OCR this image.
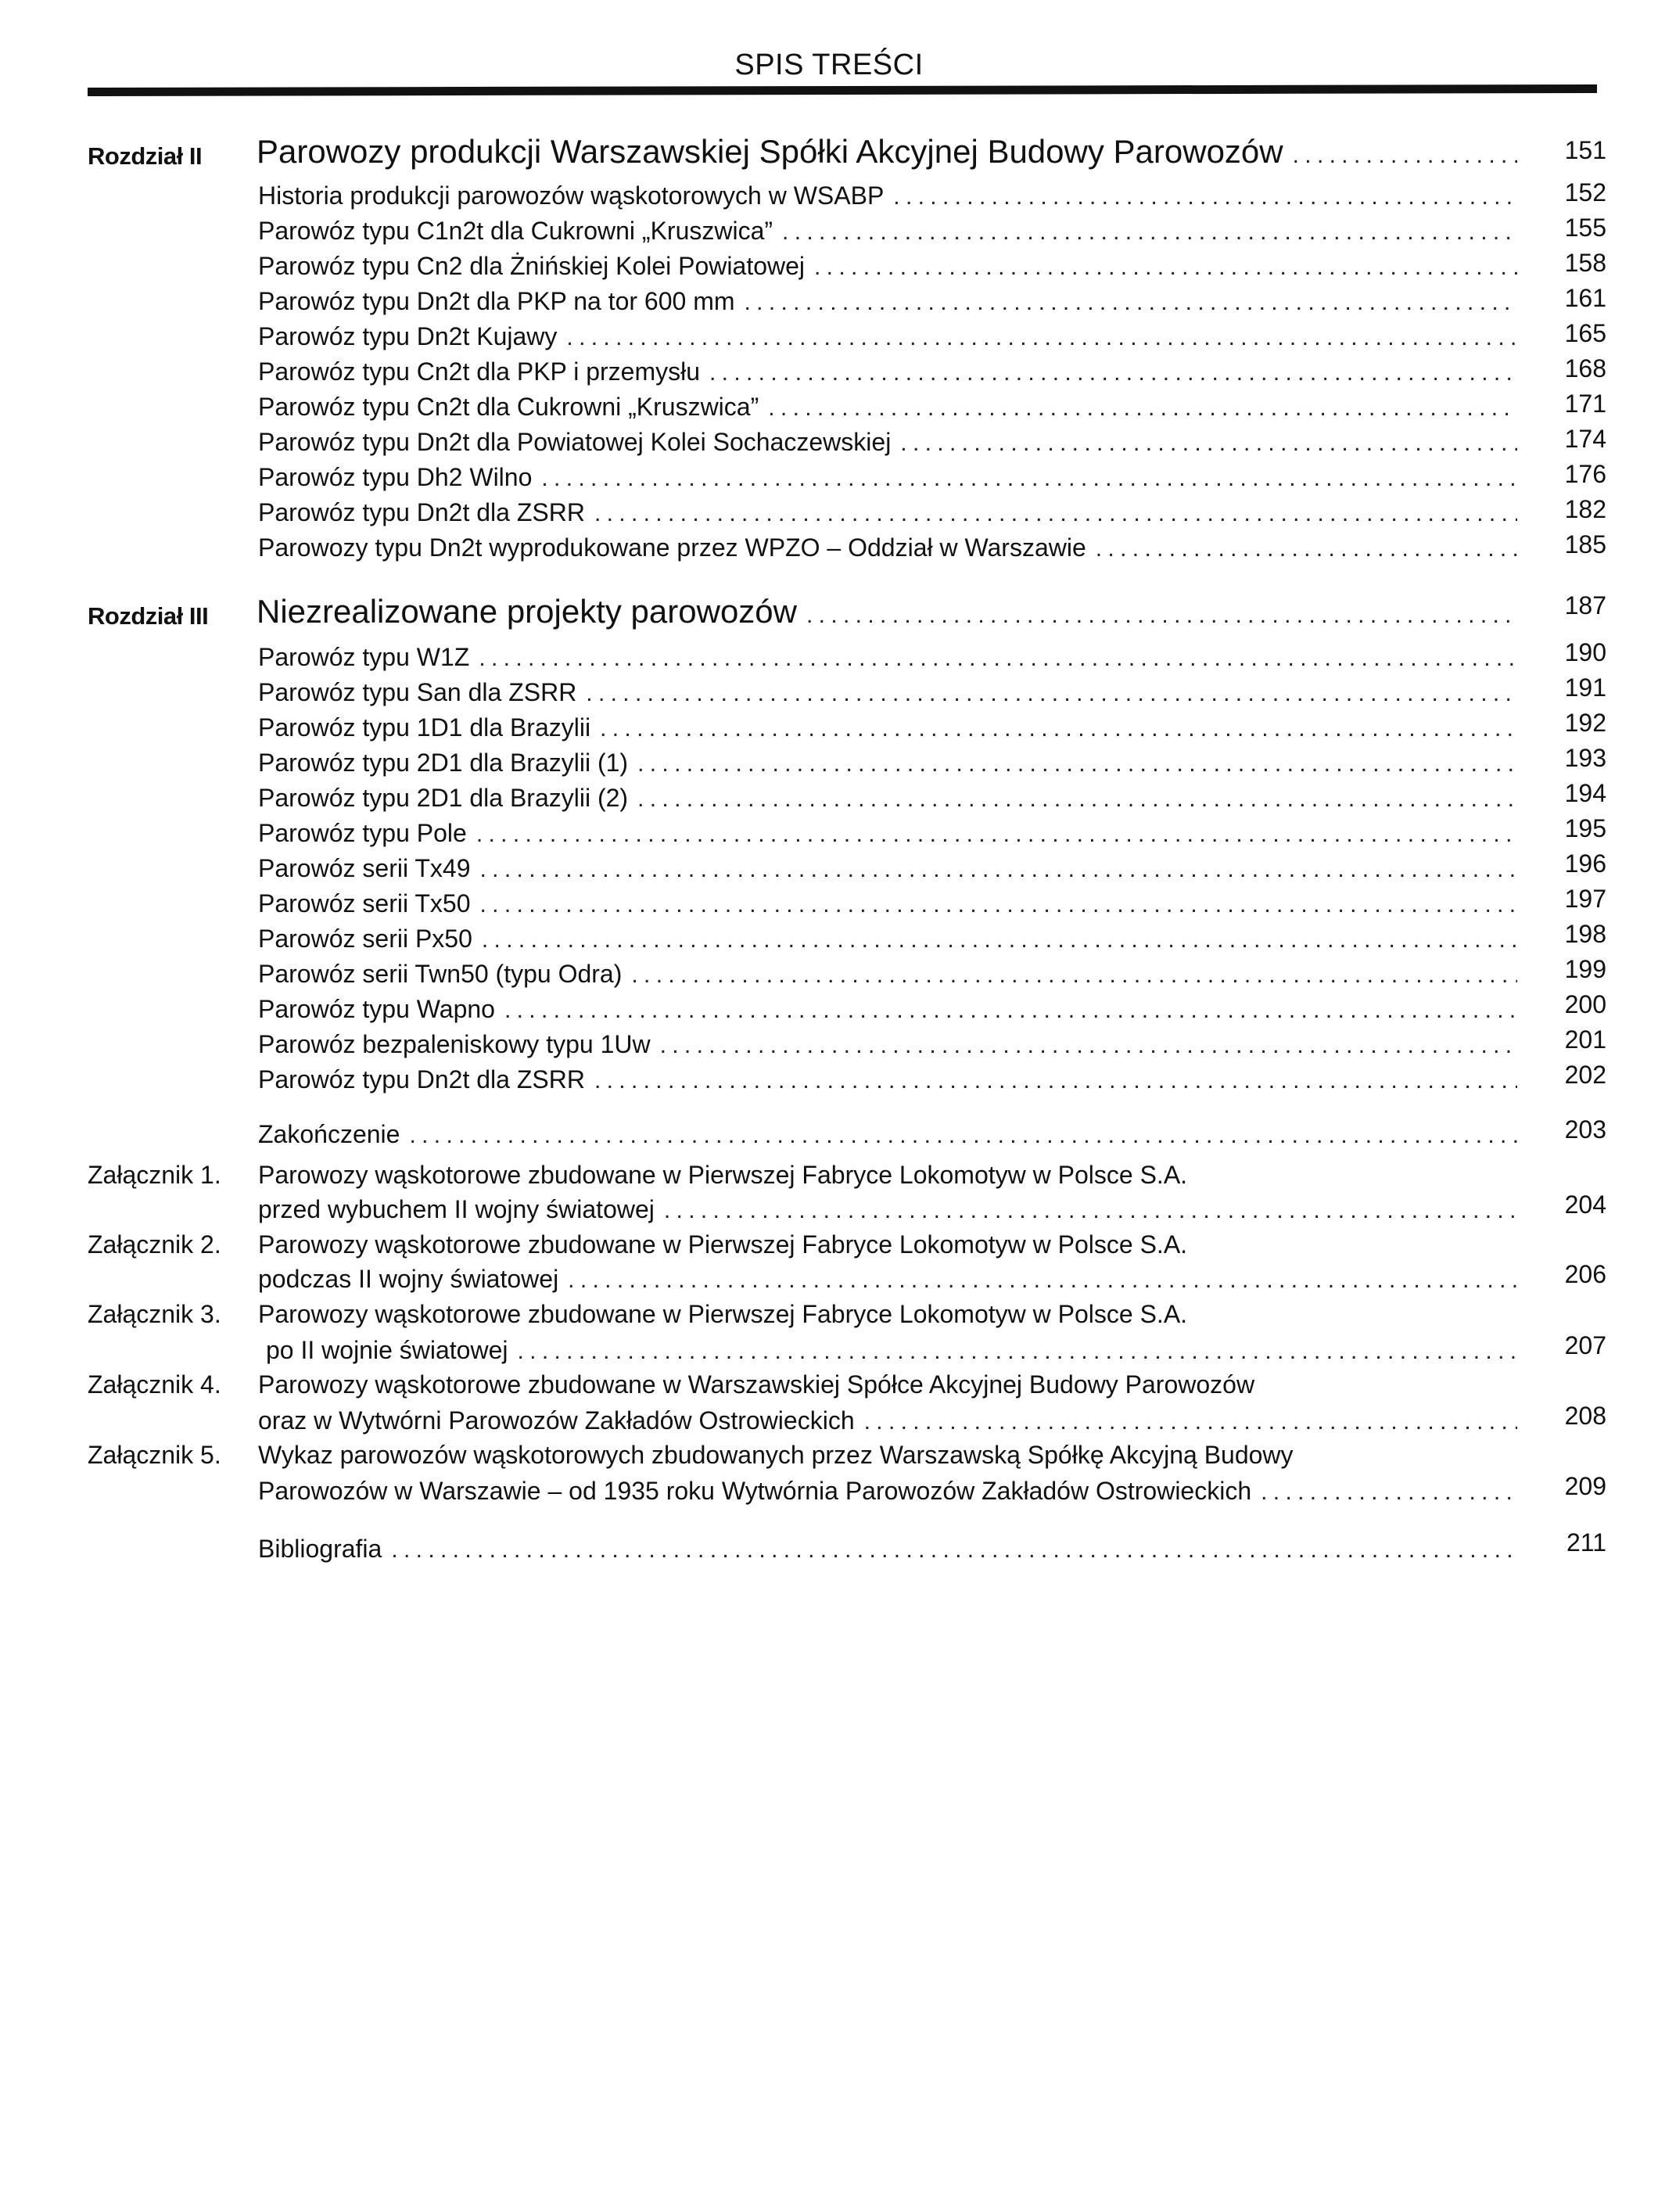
SPIS TREŚCI
Rozdział II Parowozy produkcji Warszawskiej Spółki Akcyjnej Budowy Parowozów . . .	151
Historia produkcji parowozów wąskotorowych w WSABP . . .	152
Parowóz typu C1n2t dla Cukrowni „Kruszwica” . . .	155
Parowóz typu Cn2 dla Żnińskiej Kolei Powiatowej . . .	158
Parowóz typu Dn2t dla PKP na tor 600 mm . . .	161
Parowóz typu Dn2t Kujawy . . .	165
Parowóz typu Cn2t dla PKP i przemysłu . . .	168
Parowóz typu Cn2t dla Cukrowni „Kruszwica” . . .	171
Parowóz typu Dn2t dla Powiatowej Kolei Sochaczewskiej . . .	174
Parowóz typu Dh2 Wilno . . .	176
Parowóz typu Dn2t dla ZSRR . . .	182
Parowozy typu Dn2t wyprodukowane przez WPZO – Oddział w Warszawie . . .	185
Rozdział III Niezrealizowane projekty parowozów . . .	187
Parowóz typu W1Z . . .	190
Parowóz typu San dla ZSRR . . .	191
Parowóz typu 1D1 dla Brazylii . . .	192
Parowóz typu 2D1 dla Brazylii (1) . . .	193
Parowóz typu 2D1 dla Brazylii (2) . . .	194
Parowóz typu Pole . . .	195
Parowóz serii Tx49 . . .	196
Parowóz serii Tx50 . . .	197
Parowóz serii Px50 . . .	198
Parowóz serii Twn50 (typu Odra) . . .	199
Parowóz typu Wapno . . .	200
Parowóz bezpaleniskowy typu 1Uw . . .	201
Parowóz typu Dn2t dla ZSRR . . .	202
Zakończenie . . .	203
Załącznik 1. Parowozy wąskotorowe zbudowane w Pierwszej Fabryce Lokomotyw w Polsce S.A.
przed wybuchem II wojny światowej . . .	204
Załącznik 2. Parowozy wąskotorowe zbudowane w Pierwszej Fabryce Lokomotyw w Polsce S.A.
podczas II wojny światowej . . .	206
Załącznik 3. Parowozy wąskotorowe zbudowane w Pierwszej Fabryce Lokomotyw w Polsce S.A.
po II wojnie światowej . . .	207
Załącznik 4. Parowozy wąskotorowe zbudowane w Warszawskiej Spółce Akcyjnej Budowy Parowozów
oraz w Wytwórni Parowozów Zakładów Ostrowieckich . . .	208
Załącznik 5. Wykaz parowozów wąskotorowych zbudowanych przez Warszawską Spółkę Akcyjną Budowy
Parowozów w Warszawie – od 1935 roku Wytwórnia Parowozów Zakładów Ostrowieckich . . .	209
Bibliografia . . .	211
